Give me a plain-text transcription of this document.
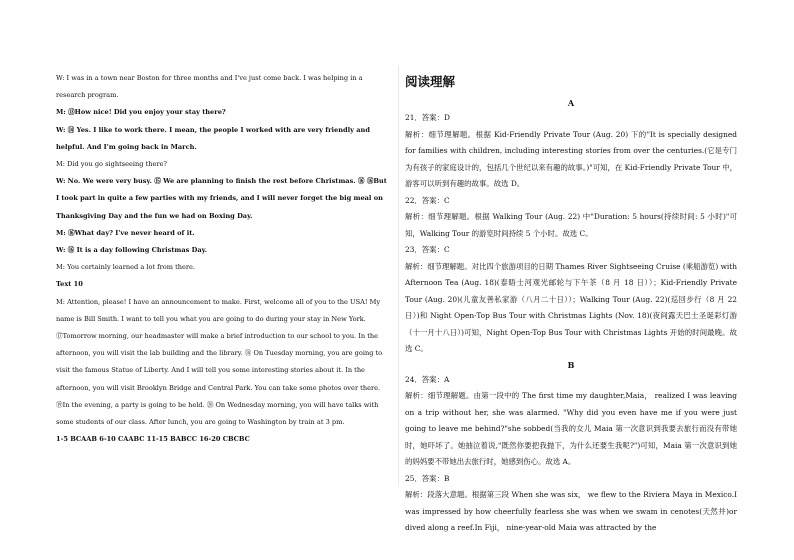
W: I was in a town near Boston for three months and I've just come back. I was helping in a research program.

M: ⑬How nice! Did you enjoy your stay there?

W: ⑭ Yes. I like to work there. I mean, the people I worked with are very friendly and helpful. And I'm going back in March.

M: Did you go sightseeing there?

W: No. We were very busy. ⑮ We are planning to finish the rest before Christmas. ⑯ ⑯But I took part in quite a few parties with my friends, and I will never forget the big meal on Thanksgiving Day and the fun we had on Boxing Day.

M: ⑯What day? I've never heard of it.

W: ⑯ It is a day following Christmas Day.

M: You certainly learned a lot from there.

Text 10

M: Attention, please! I have an announcement to make. First, welcome all of you to the USA! My name is Bill Smith. I want to tell you what you are going to do during your stay in New York. ⑰Tomorrow morning, our headmaster will make a brief introduction to our school to you. In the afternoon, you will visit the lab building and the library. ⑱ On Tuesday morning, you are going to visit the famous Statue of Liberty. And I will tell you some interesting stories about it. In the afternoon, you will visit Brooklyn Bridge and Central Park. You can take some photos over there. ⑲In the evening, a party is going to be held. ⑳ On Wednesday morning, you will have talks with some students of our class. After lunch, you are going to Washington by train at 3 pm.

1-5 BCAAB 6-10 CAABC 11-15 BABCC 16-20 CBCBC

阅读理解
A

21．答案：D

解析：细节理解题。根据 Kid-Friendly Private Tour (Aug. 20) 下的"It is specially designed for families with children, including interesting stories from over the centuries.(它是专门为有孩子的家庭设计的，包括几个世纪以来有趣的故事。)"可知，在 Kid-Friendly Private Tour 中，游客可以听到有趣的故事。故选 D。

22．答案：C

解析：细节理解题。根据 Walking Tour (Aug. 22) 中"Duration: 5 hours(持续时间: 5 小时)"可知，Walking Tour 的游览时间持续 5 个小时。故选 C。

23．答案：C

解析：细节理解题。对比四个旅游项目的日期 Thames River Sightseeing Cruise (乘船游览) with Afternoon Tea (Aug. 18)(泰晤士河观光邮轮与下午茶（8 月 18 日））；Kid-Friendly Private Tour (Aug. 20)(儿童友善私家游（八月二十日））；Walking Tour (Aug. 22)(巡回步行（8 月 22 日）)和 Night Open-Top Bus Tour with Christmas Lights (Nov. 18)(夜间露天巴士圣诞彩灯游（十一月十八日）)可知，Night Open-Top Bus Tour with Christmas Lights 开始的时间最晚。故选 C。

B

24．答案：A

解析：细节理解题。由第一段中的 The first time my daughter,Maia， realized I was leaving on a trip without her, she was alarmed. "Why did you even have me if you were just going to leave me behind?"she sobbed(当我的女儿 Maia 第一次意识到我要去旅行而没有带她时，她吓坏了。她抽泣着说,"既然你要把我抛下，为什么还要生我呢?")可知，Maia 第一次意识到她的妈妈要不带她出去旅行时，她感到伤心。故选 A。

25．答案：B

解析：段落大意题。根据第三段 When she was six， we flew to the Riviera Maya in Mexico.I was impressed by how cheerfully fearless she was when we swam in cenotes(天然井)or dived along a reef.In Fiji， nine-year-old Maia was attracted by the
